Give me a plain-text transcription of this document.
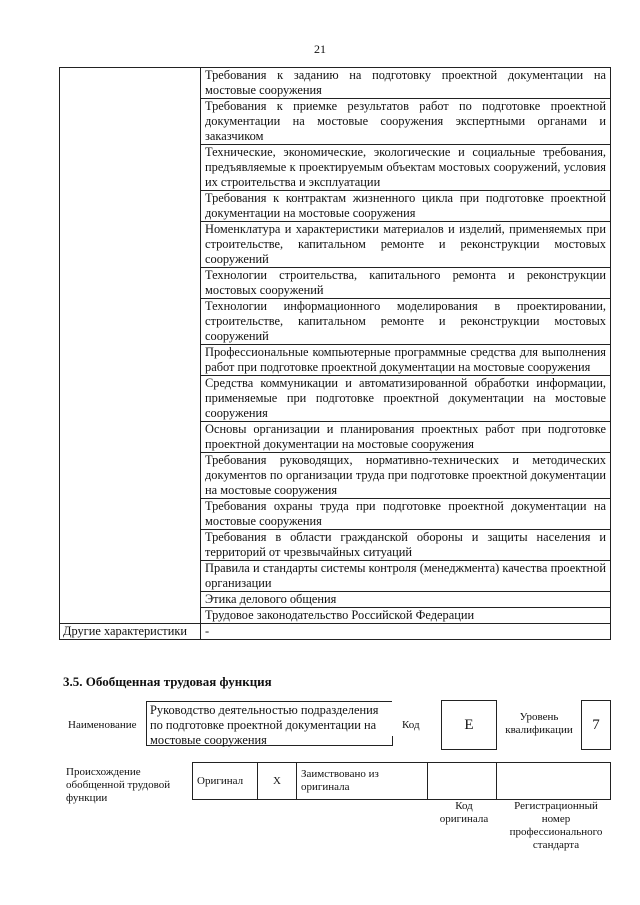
21
	Требования к заданию на подготовку проектной документации на мостовые сооружения
	Требования к приемке результатов работ по подготовке проектной документации на мостовые сооружения экспертными органами и заказчиком
	Технические, экономические, экологические и социальные требования, предъявляемые к проектируемым объектам мостовых сооружений, условия их строительства и эксплуатации
	Требования к контрактам жизненного цикла при подготовке проектной документации на мостовые сооружения
	Номенклатура и характеристики материалов и изделий, применяемых при строительстве, капитальном ремонте и реконструкции мостовых сооружений
	Технологии строительства, капитального ремонта и реконструкции мостовых сооружений
	Технологии информационного моделирования в проектировании, строительстве, капитальном ремонте и реконструкции мостовых сооружений
	Профессиональные компьютерные программные средства для выполнения работ при подготовке проектной документации на мостовые сооружения
	Средства коммуникации и автоматизированной обработки информации, применяемые при подготовке проектной документации на мостовые сооружения
	Основы организации и планирования проектных работ при подготовке проектной документации на мостовые сооружения
	Требования руководящих, нормативно-технических и методических документов по организации труда при подготовке проектной документации на мостовые сооружения
	Требования охраны труда при подготовке проектной документации на мостовые сооружения
	Требования в области гражданской обороны и защиты населения и территорий от чрезвычайных ситуаций
	Правила и стандарты системы контроля (менеджмента) качества проектной организации
	Этика делового общения
	Трудовое законодательство Российской Федерации
Другие характеристики	-
3.5. Обобщенная трудовая функция
Наименование
Руководство деятельностью подразделения по подготовке проектной документации на мостовые сооружения
Код	E	Уровень квалификации	7
Происхождение обобщенной трудовой функции
Оригинал	X	Заимствовано из оригинала		
Код оригинала
Регистрационный номер профессионального стандарта
